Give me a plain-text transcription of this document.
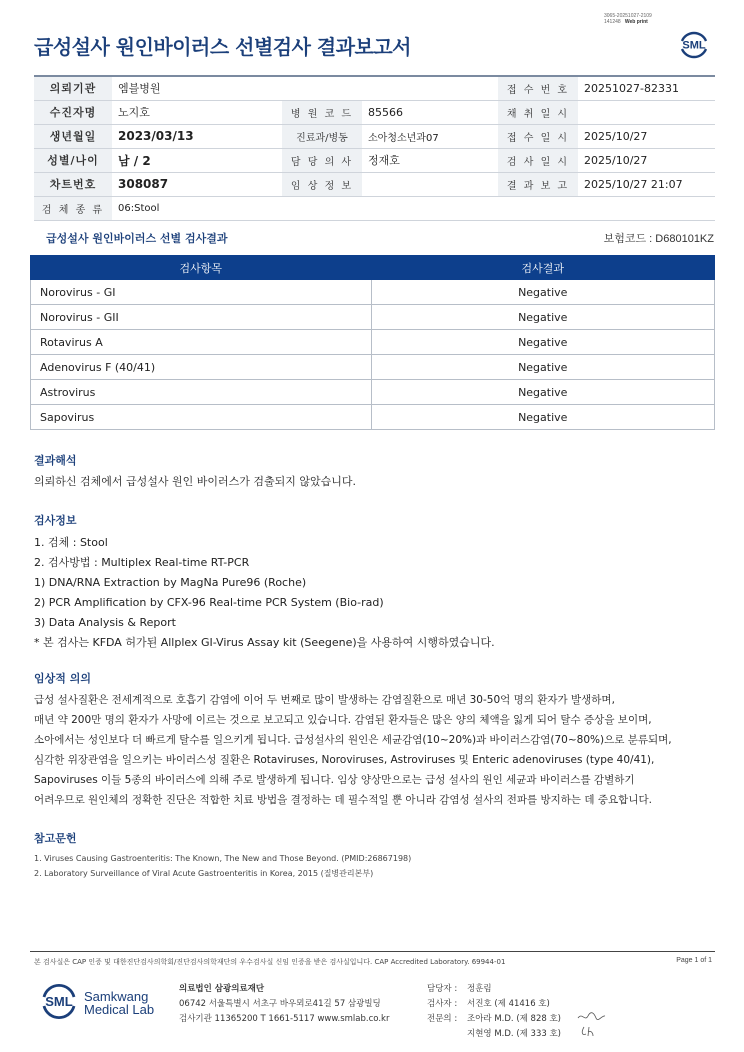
3065-20251027-2109
141248 Web print
급성설사 원인바이러스 선별검사 결과보고서	SML
의뢰기관	엠블병원			접 수 번 호	20251027-82331
수진자명	노지호	병 원 코 드	85566	채 취 일 시	
생년월일	2023/03/13	진료과/병동	소아청소년과07	접 수 일 시	2025/10/27
성별/나이	남 / 2	담 당 의 사	정재호	검 사 일 시	2025/10/27
차트번호	308087	임 상 정 보		결 과 보 고	2025/10/27 21:07
검 체 종 류	06:Stool				
급성설사 원인바이러스 선별 검사결과	보험코드 : D680101KZ
검사항목	검사결과
Norovirus - GI	Negative
Norovirus - GII	Negative
Rotavirus A	Negative
Adenovirus F (40/41)	Negative
Astrovirus	Negative
Sapovirus	Negative
결과해석
의뢰하신 검체에서 급성설사 원인 바이러스가 검출되지 않았습니다.
검사정보
1. 검체 : Stool
2. 검사방법 : Multiplex Real-time RT-PCR
1) DNA/RNA Extraction by MagNa Pure96 (Roche)
2) PCR Amplification by CFX-96 Real-time PCR System (Bio-rad)
3) Data Analysis & Report
* 본 검사는 KFDA 허가된 Allplex GI-Virus Assay kit (Seegene)을 사용하여 시행하였습니다.
임상적 의의
급성 설사질환은 전세계적으로 호흡기 감염에 이어 두 번째로 많이 발생하는 감염질환으로 매년 30-50억 명의 환자가 발생하며,
매년 약 200만 명의 환자가 사망에 이르는 것으로 보고되고 있습니다. 감염된 환자들은 많은 양의 체액을 잃게 되어 탈수 증상을 보이며,
소아에서는 성인보다 더 빠르게 탈수를 일으키게 됩니다. 급성설사의 원인은 세균감염(10~20%)과 바이러스감염(70~80%)으로 분류되며,
심각한 위장관염을 일으키는 바이러스성 질환은 Rotaviruses, Noroviruses, Astroviruses 및 Enteric adenoviruses (type 40/41),
Sapoviruses 이들 5종의 바이러스에 의해 주로 발생하게 됩니다. 임상 양상만으로는 급성 설사의 원인 세균과 바이러스를 감별하기
어려우므로 원인체의 정확한 진단은 적합한 치료 방법을 결정하는 데 필수적일 뿐 아니라 감염성 설사의 전파를 방지하는 데 중요합니다.
참고문헌
1. Viruses Causing Gastroenteritis: The Known, The New and Those Beyond. (PMID:26867198)
2. Laboratory Surveillance of Viral Acute Gastroenteritis in Korea, 2015 (질병관리본부)
본 검사실은 CAP 인증 및 대한진단검사의학회/진단검사의학재단의 우수검사실 신임 인증을 받은 검사실입니다. CAP Accredited Laboratory. 69944-01	Page 1 of 1
SML Samkwang
Medical Lab
의료법인 삼광의료재단
06742 서울특별시 서초구 바우뫼로41길 57 삼광빌딩
검사기관 11365200 T 1661-5117 www.smlab.co.kr
담당자 :	정훈림
검사자 :	서진호 (제 41416 호)
전문의 :	조아라 M.D. (제 828 호)
지현영 M.D. (제 333 호)
